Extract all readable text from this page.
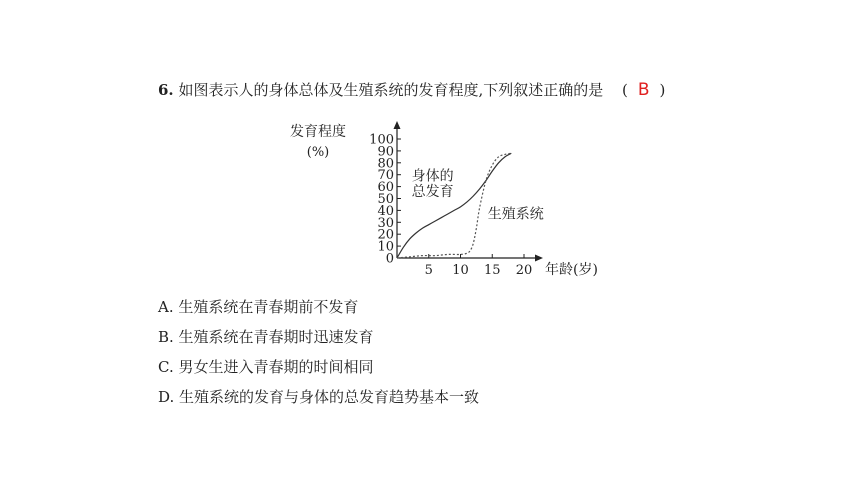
6. 如图表示人的身体总体及生殖系统的发育程度,下列叙述正确的是 ( B )
0
10
20
30
40
50
60
70
80
90
100
5 10 15 20
发育程度
(%)
年龄(岁)
身体的
总发育
生殖系统
A. 生殖系统在青春期前不发育
B. 生殖系统在青春期时迅速发育
C. 男女生进入青春期的时间相同
D. 生殖系统的发育与身体的总发育趋势基本一致
